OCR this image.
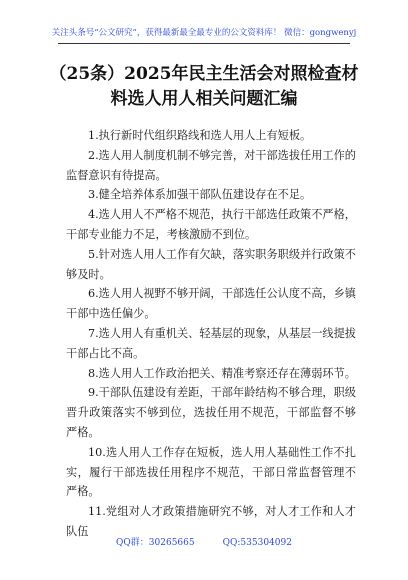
关注头条号“公文研究”，获得最新最全最专业的公文资料库！ 微信：gongwenyj
（25条）2025年民主生活会对照检查材
料选人用人相关问题汇编

1.执行新时代组织路线和选人用人上有短板。

2.选人用人制度机制不够完善，对干部选拔任用工作的监督意识有待提高。

3.健全培养体系加强干部队伍建设存在不足。

4.选人用人不严格不规范，执行干部选任政策不严格，干部专业能力不足，考核激励不到位。

5.针对选人用人工作有欠缺，落实职务职级并行政策不够及时。

6.选人用人视野不够开阔，干部选任公认度不高，乡镇干部中选任偏少。

7.选人用人有重机关、轻基层的现象，从基层一线提拔干部占比不高。

8.选人用人工作政治把关、精准考察还存在薄弱环节。

9.干部队伍建设有差距，干部年龄结构不够合理，职级晋升政策落实不够到位，选拔任用不规范，干部监督不够严格。

10.选人用人工作存在短板，选人用人基础性工作不扎实，履行干部选拔任用程序不规范，干部日常监督管理不严格。

11.党组对人才政策措施研究不够，对人才工作和人才队伍

QQ群：30265665	QQ:535304092
